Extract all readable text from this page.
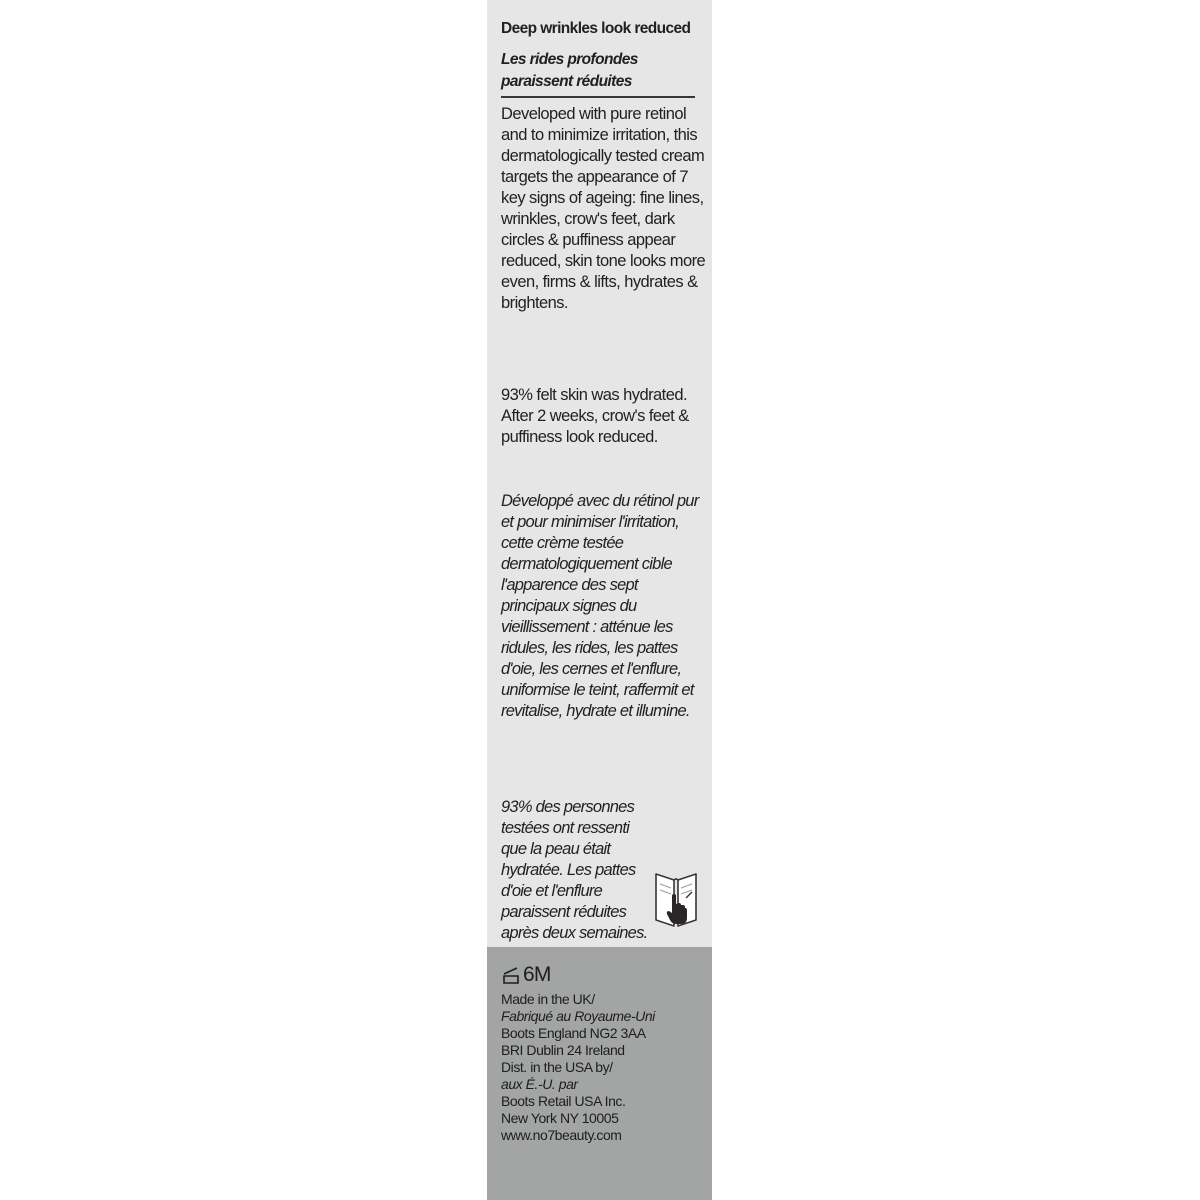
Deep wrinkles look reduced
Les rides profondes paraissent réduites
Developed with pure retinol and to minimize irritation, this dermatologically tested cream targets the appearance of 7 key signs of ageing: fine lines, wrinkles, crow's feet, dark circles & puffiness appear reduced, skin tone looks more even, firms & lifts, hydrates & brightens.
93% felt skin was hydrated. After 2 weeks, crow's feet & puffiness look reduced.
Développé avec du rétinol pur et pour minimiser l'irritation, cette crème testée dermatologiquement cible l'apparence des sept principaux signes du vieillissement : atténue les ridules, les rides, les pattes d'oie, les cernes et l'enflure, uniformise le teint, raffermit et revitalise, hydrate et illumine.
93% des personnes testées ont ressenti que la peau était hydratée. Les pattes d'oie et l'enflure paraissent réduites après deux semaines.
6M
Made in the UK/
Fabriqué au Royaume-Uni
Boots England NG2 3AA
BRI Dublin 24 Ireland
Dist. in the USA by/
aux É.-U. par
Boots Retail USA Inc.
New York NY 10005
www.no7beauty.com
